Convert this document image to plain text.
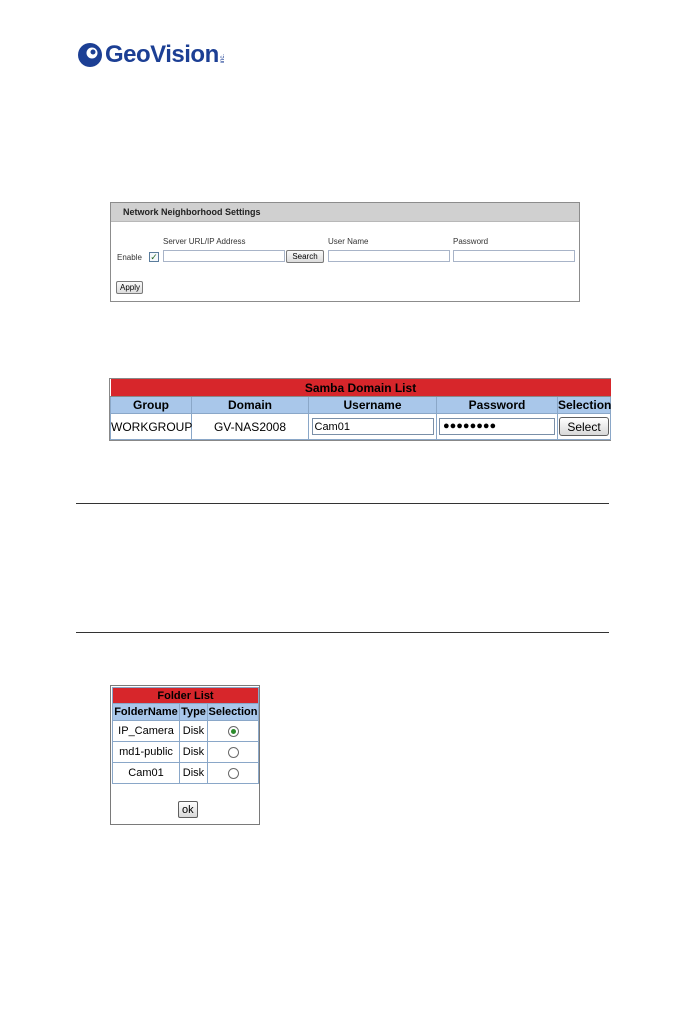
GeoVision inc.
Network Neighborhood Settings
Server URL/IP Address	User Name	Password
Enable ✓	Search
Apply
Samba Domain List				
Group	Domain	Username	Password	Selection
WORKGROUP	GV-NAS2008	Cam01	●●●●●●●●	Select
Folder List		
FolderName	Type	Selection
IP_Camera	Disk	
md1-public	Disk	
Cam01	Disk	
ok
